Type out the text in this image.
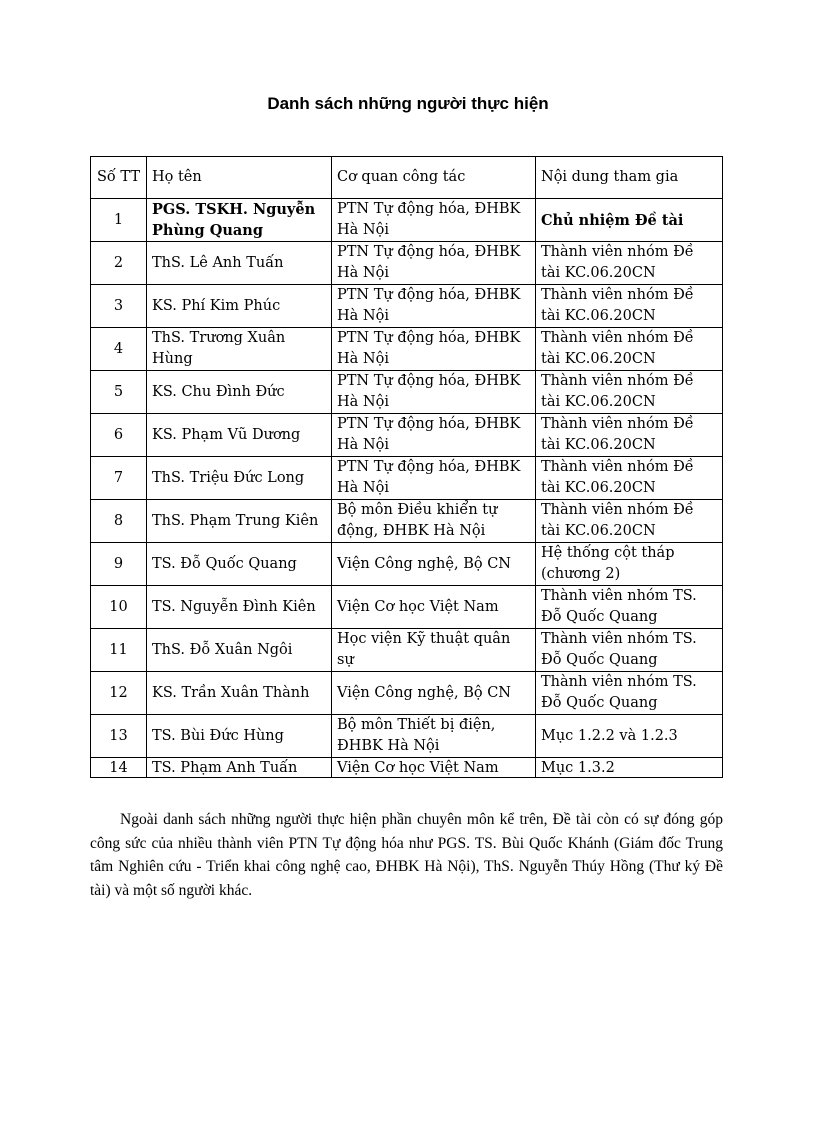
Danh sách những người thực hiện
Số TT	Họ tên	Cơ quan công tác	Nội dung tham gia
1	PGS. TSKH. Nguyễn Phùng Quang	PTN Tự động hóa, ĐHBK Hà Nội	Chủ nhiệm Đề tài
2	ThS. Lê Anh Tuấn	PTN Tự động hóa, ĐHBK Hà Nội	Thành viên nhóm Đề tài KC.06.20CN
3	KS. Phí Kim Phúc	PTN Tự động hóa, ĐHBK Hà Nội	Thành viên nhóm Đề tài KC.06.20CN
4	ThS. Trương Xuân Hùng	PTN Tự động hóa, ĐHBK Hà Nội	Thành viên nhóm Đề tài KC.06.20CN
5	KS. Chu Đình Đức	PTN Tự động hóa, ĐHBK Hà Nội	Thành viên nhóm Đề tài KC.06.20CN
6	KS. Phạm Vũ Dương	PTN Tự động hóa, ĐHBK Hà Nội	Thành viên nhóm Đề tài KC.06.20CN
7	ThS. Triệu Đức Long	PTN Tự động hóa, ĐHBK Hà Nội	Thành viên nhóm Đề tài KC.06.20CN
8	ThS. Phạm Trung Kiên	Bộ môn Điều khiển tự động, ĐHBK Hà Nội	Thành viên nhóm Đề tài KC.06.20CN
9	TS. Đỗ Quốc Quang	Viện Công nghệ, Bộ CN	Hệ thống cột tháp (chương 2)
10	TS. Nguyễn Đình Kiên	Viện Cơ học Việt Nam	Thành viên nhóm TS. Đỗ Quốc Quang
11	ThS. Đỗ Xuân Ngôi	Học viện Kỹ thuật quân sự	Thành viên nhóm TS. Đỗ Quốc Quang
12	KS. Trần Xuân Thành	Viện Công nghệ, Bộ CN	Thành viên nhóm TS. Đỗ Quốc Quang
13	TS. Bùi Đức Hùng	Bộ môn Thiết bị điện, ĐHBK Hà Nội	Mục 1.2.2 và 1.2.3
14	TS. Phạm Anh Tuấn	Viện Cơ học Việt Nam	Mục 1.3.2

Ngoài danh sách những người thực hiện phần chuyên môn kể trên, Đề tài còn có sự đóng góp công sức của nhiều thành viên PTN Tự động hóa như PGS. TS. Bùi Quốc Khánh (Giám đốc Trung tâm Nghiên cứu - Triển khai công nghệ cao, ĐHBK Hà Nội), ThS. Nguyễn Thúy Hồng (Thư ký Đề tài) và một số người khác.
